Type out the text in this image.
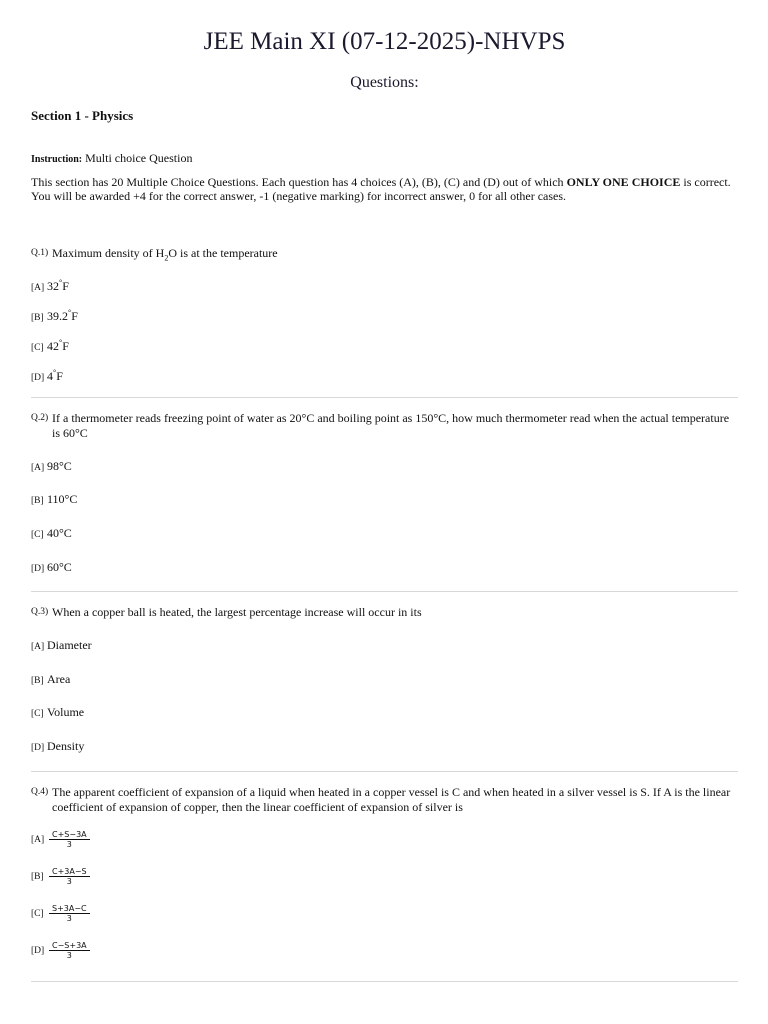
JEE Main XI (07-12-2025)-NHVPS
Questions:
Section 1 - Physics
Instruction: Multi choice Question
This section has 20 Multiple Choice Questions. Each question has 4 choices (A), (B), (C) and (D) out of which ONLY ONE CHOICE is correct. You will be awarded +4 for the correct answer, -1 (negative marking) for incorrect answer, 0 for all other cases.
Q.1) Maximum density of $H_2O$ is at the temperature
[A] 32°F
[B] 39.2°F
[C] 42°F
[D] 4°F
Q.2) If a thermometer reads freezing point of water as 20°C and boiling point as 150°C, how much thermometer read when the actual temperature is 60°C
[A] 98°C
[B] 110°C
[C] 40°C
[D] 60°C
Q.3) When a copper ball is heated, the largest percentage increase will occur in its
[A] Diameter
[B] Area
[C] Volume
[D] Density
Q.4) The apparent coefficient of expansion of a liquid when heated in a copper vessel is C and when heated in a silver vessel is S. If A is the linear coefficient of expansion of copper, then the linear coefficient of expansion of silver is
$[A] \frac{C+S-3A}{3}$
$[B] \frac{C+3A-S}{3}$
$[C] \frac{S+3A-C}{3}$
$[D] \frac{C-S+3A}{3}$
